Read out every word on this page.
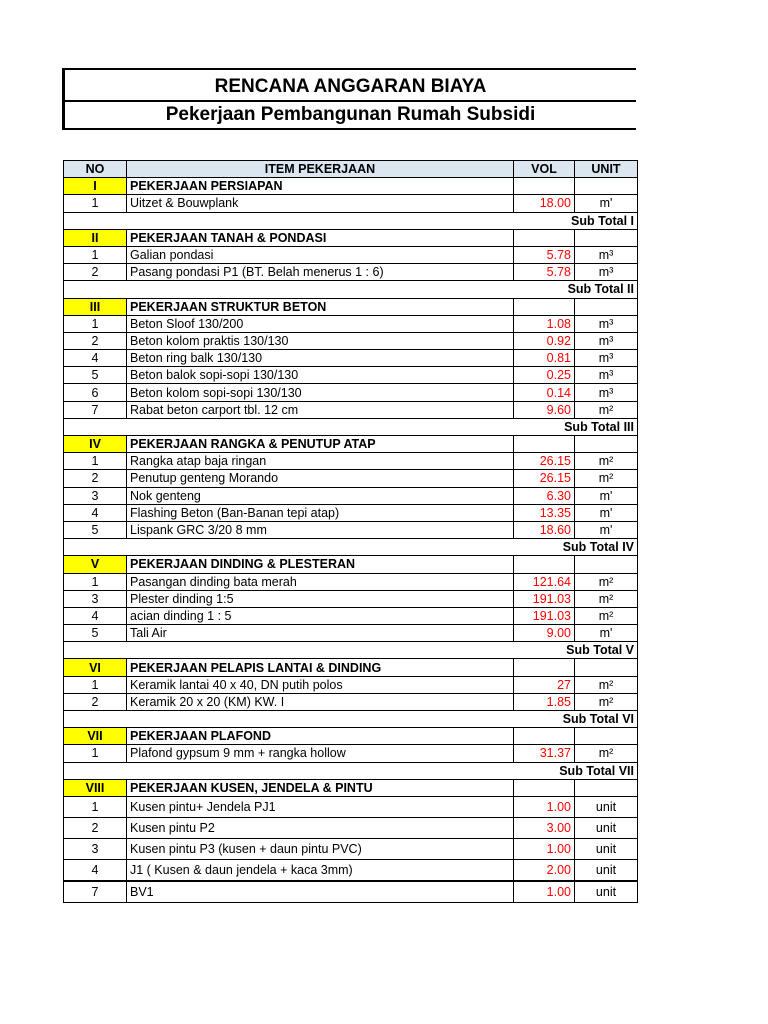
RENCANA ANGGARAN BIAYA
Pekerjaan Pembangunan Rumah Subsidi
NO	ITEM PEKERJAAN	VOL	UNIT
I	PEKERJAAN PERSIAPAN		
1	Uitzet & Bouwplank	18.00	m'
	Sub Total I		
II	PEKERJAAN TANAH & PONDASI		
1	Galian pondasi	5.78	m³
2	Pasang pondasi P1 (BT. Belah menerus 1 : 6)	5.78	m³
	Sub Total II		
III	PEKERJAAN STRUKTUR BETON		
1	Beton Sloof 130/200	1.08	m³
2	Beton kolom praktis 130/130	0.92	m³
4	Beton ring balk 130/130	0.81	m³
5	Beton balok sopi-sopi 130/130	0.25	m³
6	Beton kolom sopi-sopi 130/130	0.14	m³
7	Rabat beton carport tbl. 12 cm	9.60	m²
	Sub Total III		
IV	PEKERJAAN RANGKA & PENUTUP ATAP		
1	Rangka atap baja ringan	26.15	m²
2	Penutup genteng Morando	26.15	m²
3	Nok genteng	6.30	m'
4	Flashing Beton (Ban-Banan tepi atap)	13.35	m'
5	Lispank GRC 3/20 8 mm	18.60	m'
	Sub Total IV		
V	PEKERJAAN DINDING & PLESTERAN		
1	Pasangan dinding bata merah	121.64	m²
3	Plester dinding 1:5	191.03	m²
4	acian dinding 1 : 5	191.03	m²
5	Tali Air	9.00	m'
	Sub Total V		
VI	PEKERJAAN PELAPIS LANTAI & DINDING		
1	Keramik lantai 40 x 40, DN putih polos	27	m²
2	Keramik 20 x 20 (KM) KW. I	1.85	m²
	Sub Total VI		
VII	PEKERJAAN PLAFOND		
1	Plafond gypsum 9 mm + rangka hollow	31.37	m²
	Sub Total VII		
VIII	PEKERJAAN KUSEN, JENDELA & PINTU		
1	Kusen pintu+ Jendela PJ1	1.00	unit
2	Kusen pintu P2	3.00	unit
3	Kusen pintu P3 (kusen + daun pintu PVC)	1.00	unit
4	J1 ( Kusen & daun jendela + kaca 3mm)	2.00	unit
7	BV1	1.00	unit
